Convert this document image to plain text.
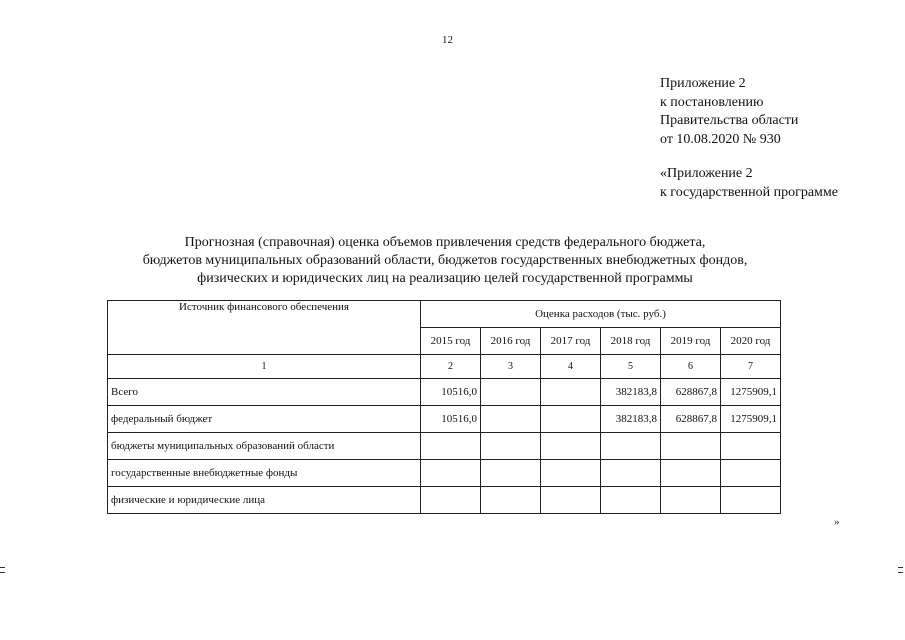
12
Приложение 2
к постановлению
Правительства области
от 10.08.2020 № 930
«Приложение 2
к государственной программе
Прогнозная (справочная) оценка объемов привлечения средств федерального бюджета,
бюджетов муниципальных образований области, бюджетов государственных внебюджетных фондов,
физических и юридических лиц на реализацию целей государственной программы
Источник финансового обеспечения	Оценка расходов (тыс. руб.)					
	2015 год	2016 год	2017 год	2018 год	2019 год	2020 год
1	2	3	4	5	6	7
Всего	10516,0			382183,8	628867,8	1275909,1
федеральный бюджет	10516,0			382183,8	628867,8	1275909,1
бюджеты муниципальных образований области						
государственные внебюджетные фонды						
физические и юридические лица						
»
